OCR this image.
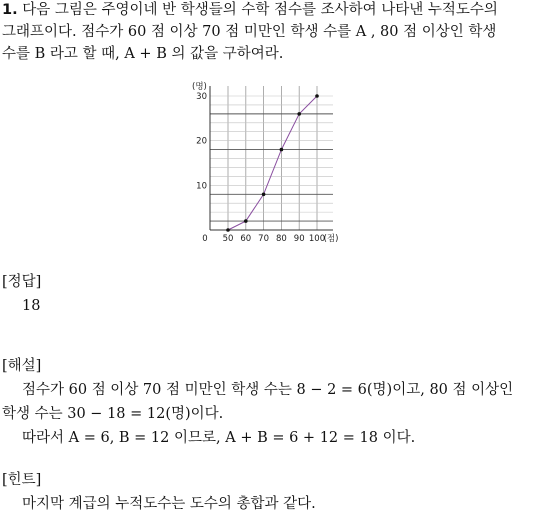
1. 다음 그림은 주영이네 반 학생들의 수학 점수를 조사하여 나타낸 누적도수의
그래프이다. 점수가 60 점 이상 70 점 미만인 학생 수를 A , 80 점 이상인 학생
수를 B 라고 할 때, A + B 의 값을 구하여라.
10
20
30
(명)
0 50 60 70 80 90 100
(점)
[정답]
18
[해설]
점수가 60 점 이상 70 점 미만인 학생 수는 8 − 2 = 6(명)이고, 80 점 이상인
학생 수는 30 − 18 = 12(명)이다.
따라서 A = 6, B = 12 이므로, A + B = 6 + 12 = 18 이다.
[힌트]
마지막 계급의 누적도수는 도수의 총합과 같다.
